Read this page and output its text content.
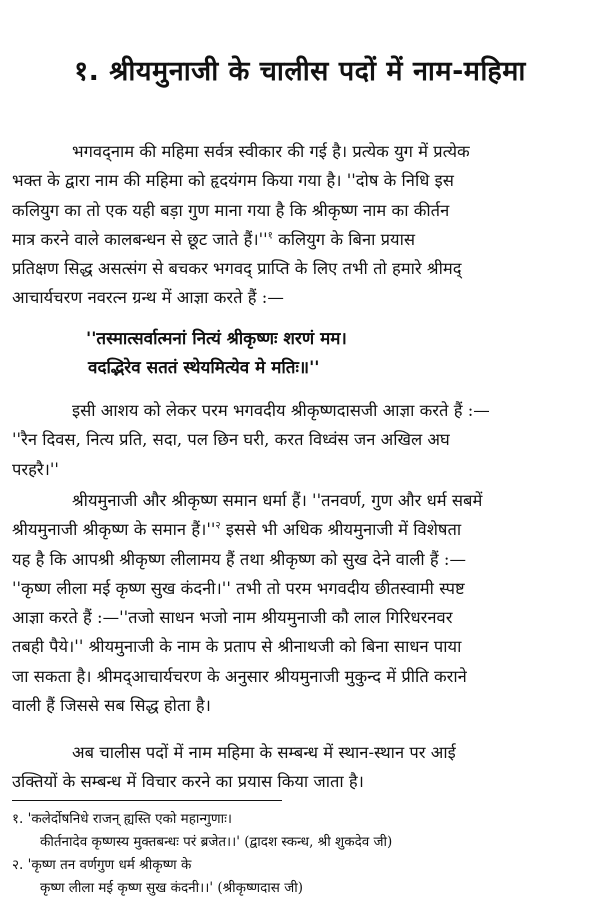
१. श्रीयमुनाजी के चालीस पदों में नाम-महिमा
भगवद्नाम की महिमा सर्वत्र स्वीकार की गई है। प्रत्येक युग में प्रत्येक
भक्त के द्वारा नाम की महिमा को हृदयंगम किया गया है। ''दोष के निधि इस
कलियुग का तो एक यही बड़ा गुण माना गया है कि श्रीकृष्ण नाम का कीर्तन
मात्र करने वाले कालबन्धन से छूट जाते $हैं।''^१$ कलियुग के बिना प्रयास
प्रतिक्षण सिद्ध असत्संग से बचकर भगवद् प्राप्ति के लिए तभी तो हमारे श्रीमद्
आचार्यचरण नवरत्न ग्रन्थ में आज्ञा करते हैं :—
''तस्मात्सर्वात्मनां नित्यं श्रीकृष्णः शरणं मम।
वदद्भिरेव सततं स्थेयमित्येव मे मतिः॥''
इसी आशय को लेकर परम भगवदीय श्रीकृष्णदासजी आज्ञा करते हैं :—
''रैन दिवस, नित्य प्रति, सदा, पल छिन घरी, करत विध्वंस जन अखिल अघ
परहरै।''
श्रीयमुनाजी और श्रीकृष्ण समान धर्मा हैं। ''तनवर्ण, गुण और धर्म सबमें
श्रीयमुनाजी श्रीकृष्ण के समान $हैं।''^२$ इससे भी अधिक श्रीयमुनाजी में विशेषता
यह है कि आपश्री श्रीकृष्ण लीलामय हैं तथा श्रीकृष्ण को सुख देने वाली हैं :—
''कृष्ण लीला मई कृष्ण सुख कंदनी।'' तभी तो परम भगवदीय छीतस्वामी स्पष्ट
आज्ञा करते हैं :—''तजो साधन भजो नाम श्रीयमुनाजी कौ लाल गिरिधरनवर
तबही पैये।'' श्रीयमुनाजी के नाम के प्रताप से श्रीनाथजी को बिना साधन पाया
जा सकता है। श्रीमद्आचार्यचरण के अनुसार श्रीयमुनाजी मुकुन्द में प्रीति कराने
वाली हैं जिससे सब सिद्ध होता है।
अब चालीस पदों में नाम महिमा के सम्बन्ध में स्थान-स्थान पर आई
उक्तियों के सम्बन्ध में विचार करने का प्रयास किया जाता है।
१. 'कलेर्दोषनिधे राजन् ह्यस्ति एको महान्गुणाः।
कीर्तनादेव कृष्णस्य मुक्तबन्धः परं ब्रजेत।।' (द्वादश स्कन्ध, श्री शुकदेव जी)
२. 'कृष्ण तन वर्णगुण धर्म श्रीकृष्ण के
कृष्ण लीला मई कृष्ण सुख कंदनी।।' (श्रीकृष्णदास जी)
